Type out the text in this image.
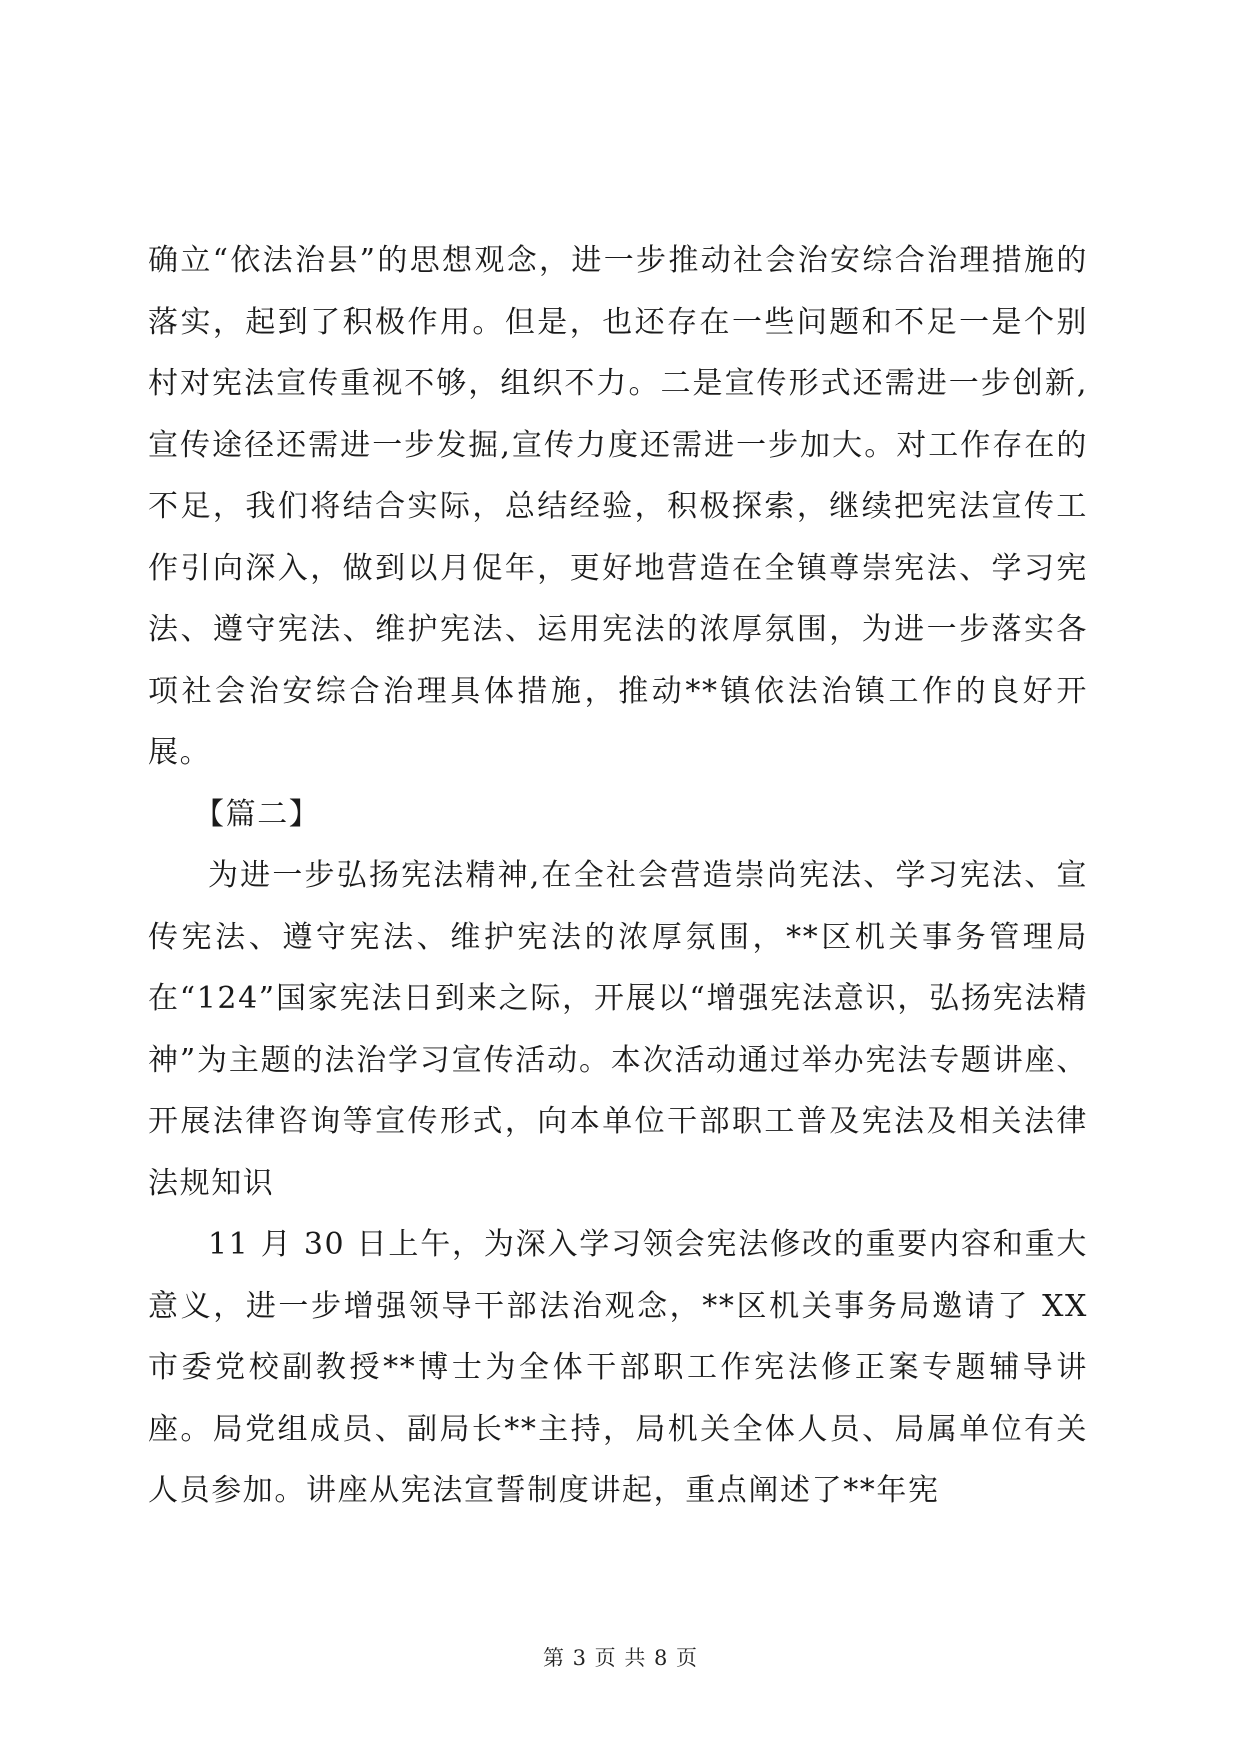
确立“依法治县”的思想观念，进一步推动社会治安综合治理措施的落实，起到了积极作用。但是，也还存在一些问题和不足一是个别村对宪法宣传重视不够，组织不力。二是宣传形式还需进一步创新,宣传途径还需进一步发掘,宣传力度还需进一步加大。对工作存在的不足，我们将结合实际，总结经验，积极探索，继续把宪法宣传工作引向深入，做到以月促年，更好地营造在全镇尊崇宪法、学习宪法、遵守宪法、维护宪法、运用宪法的浓厚氛围，为进一步落实各项社会治安综合治理具体措施，推动**镇依法治镇工作的良好开展。

【篇二】

为进一步弘扬宪法精神,在全社会营造崇尚宪法、学习宪法、宣传宪法、遵守宪法、维护宪法的浓厚氛围，**区机关事务管理局在“124”国家宪法日到来之际，开展以“增强宪法意识，弘扬宪法精神”为主题的法治学习宣传活动。本次活动通过举办宪法专题讲座、开展法律咨询等宣传形式，向本单位干部职工普及宪法及相关法律法规知识

11 月 30 日上午，为深入学习领会宪法修改的重要内容和重大意义，进一步增强领导干部法治观念，**区机关事务局邀请了 XX 市委党校副教授**博士为全体干部职工作宪法修正案专题辅导讲座。局党组成员、副局长**主持，局机关全体人员、局属单位有关人员参加。讲座从宪法宣誓制度讲起，重点阐述了**年宪

第 3 页 共 8 页
